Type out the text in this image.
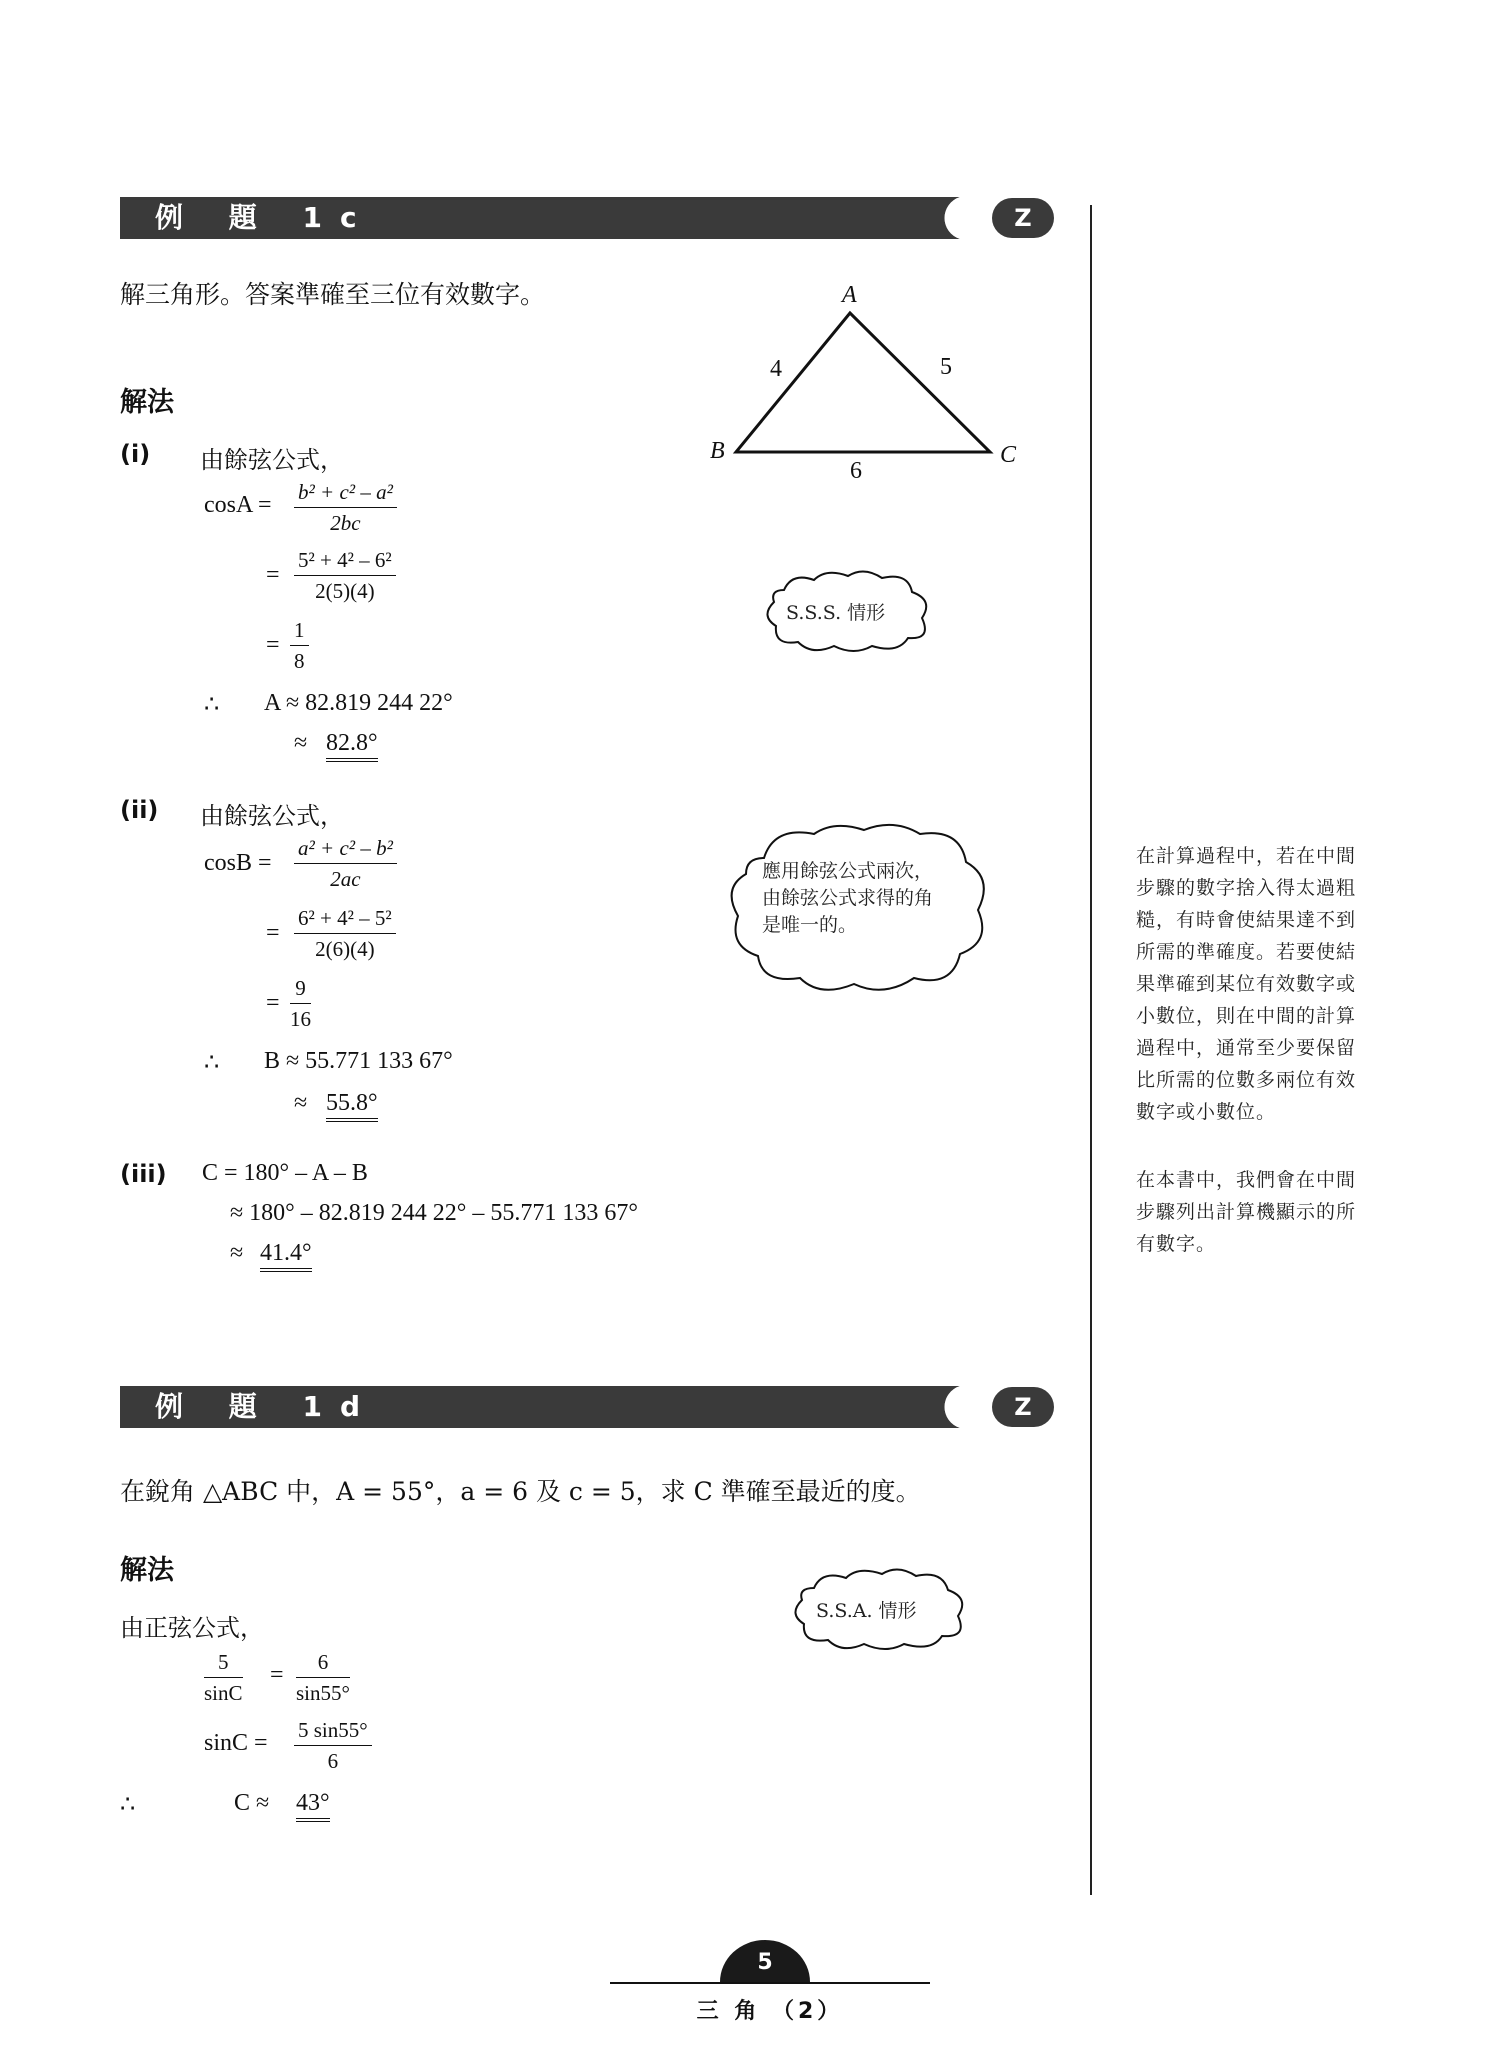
例 題 1c	Z
解三角形。答案準確至三位有效數字。	A
B	C
4	5
6
解法
(i) 由餘弦公式，
$\cos A = \frac{\text{b² + c² – a²}}{2bc}$
= $\frac{\text{5² + 4² – 6²}}{2(5)(4)}$
= $\frac{1}{8}$
∴ A ≈ 82.819 244 22°
≈ 82.8°
S.S.S. 情形
(ii) 由餘弦公式，
$\cos B = \frac{\text{a² + c² – b²}}{2ac}$
= $\frac{\text{6² + 4² – 5²}}{2(6)(4)}$
= $\frac{9}{16}$
∴ B ≈ 55.771 133 67°
≈ 55.8°
應用餘弦公式兩次，
由餘弦公式求得的角
是唯一的。
(iii) C = 180° – A – B
≈ 180° – 82.819 244 22° – 55.771 133 67°
≈ 41.4°
在計算過程中，若在中間
步驟的數字捨入得太過粗
糙，有時會使結果達不到
所需的準確度。若要使結
果準確到某位有效數字或
小數位，則在中間的計算
過程中，通常至少要保留
比所需的位數多兩位有效
數字或小數位。
在本書中，我們會在中間
步驟列出計算機顯示的所
有數字。
例 題 1d	Z
在銳角 △ABC 中，A = 55°，a = 6 及 c = 5，求 C 準確至最近的度。
解法
由正弦公式，
$\frac{5}{\sin C} = \frac{6}{\sin 55^\circ}$
$\sin C = \frac{5 \sin 55^\circ}{6}$
∴	C ≈ 43°
S.S.A. 情形
5
三 角 （2）
